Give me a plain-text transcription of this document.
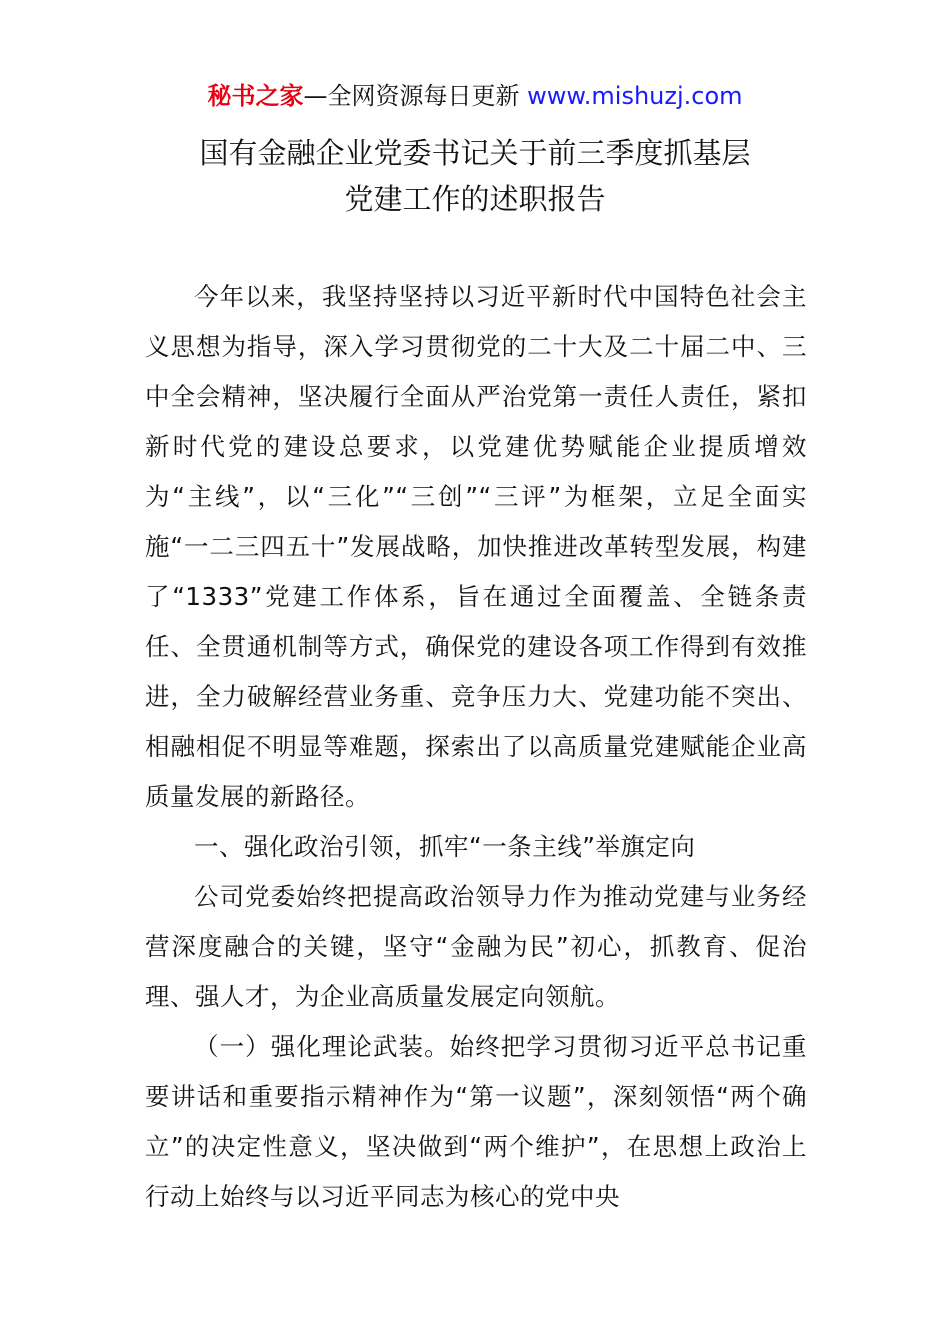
秘书之家—全网资源每日更新 www.mishuzj.com
国有金融企业党委书记关于前三季度抓基层
党建工作的述职报告

今年以来，我坚持坚持以习近平新时代中国特色社会主义思想为指导，深入学习贯彻党的二十大及二十届二中、三中全会精神，坚决履行全面从严治党第一责任人责任，紧扣新时代党的建设总要求，以党建优势赋能企业提质增效为“主线”，以“三化”“三创”“三评”为框架，立足全面实施“一二三四五十”发展战略，加快推进改革转型发展，构建了“1333”党建工作体系，旨在通过全面覆盖、全链条责任、全贯通机制等方式，确保党的建设各项工作得到有效推进，全力破解经营业务重、竞争压力大、党建功能不突出、相融相促不明显等难题，探索出了以高质量党建赋能企业高质量发展的新路径。

一、强化政治引领，抓牢“一条主线”举旗定向

公司党委始终把提高政治领导力作为推动党建与业务经营深度融合的关键，坚守“金融为民”初心，抓教育、促治理、强人才，为企业高质量发展定向领航。

（一）强化理论武装。始终把学习贯彻习近平总书记重要讲话和重要指示精神作为“第一议题”，深刻领悟“两个确立”的决定性意义，坚决做到“两个维护”，在思想上政治上行动上始终与以习近平同志为核心的党中央
